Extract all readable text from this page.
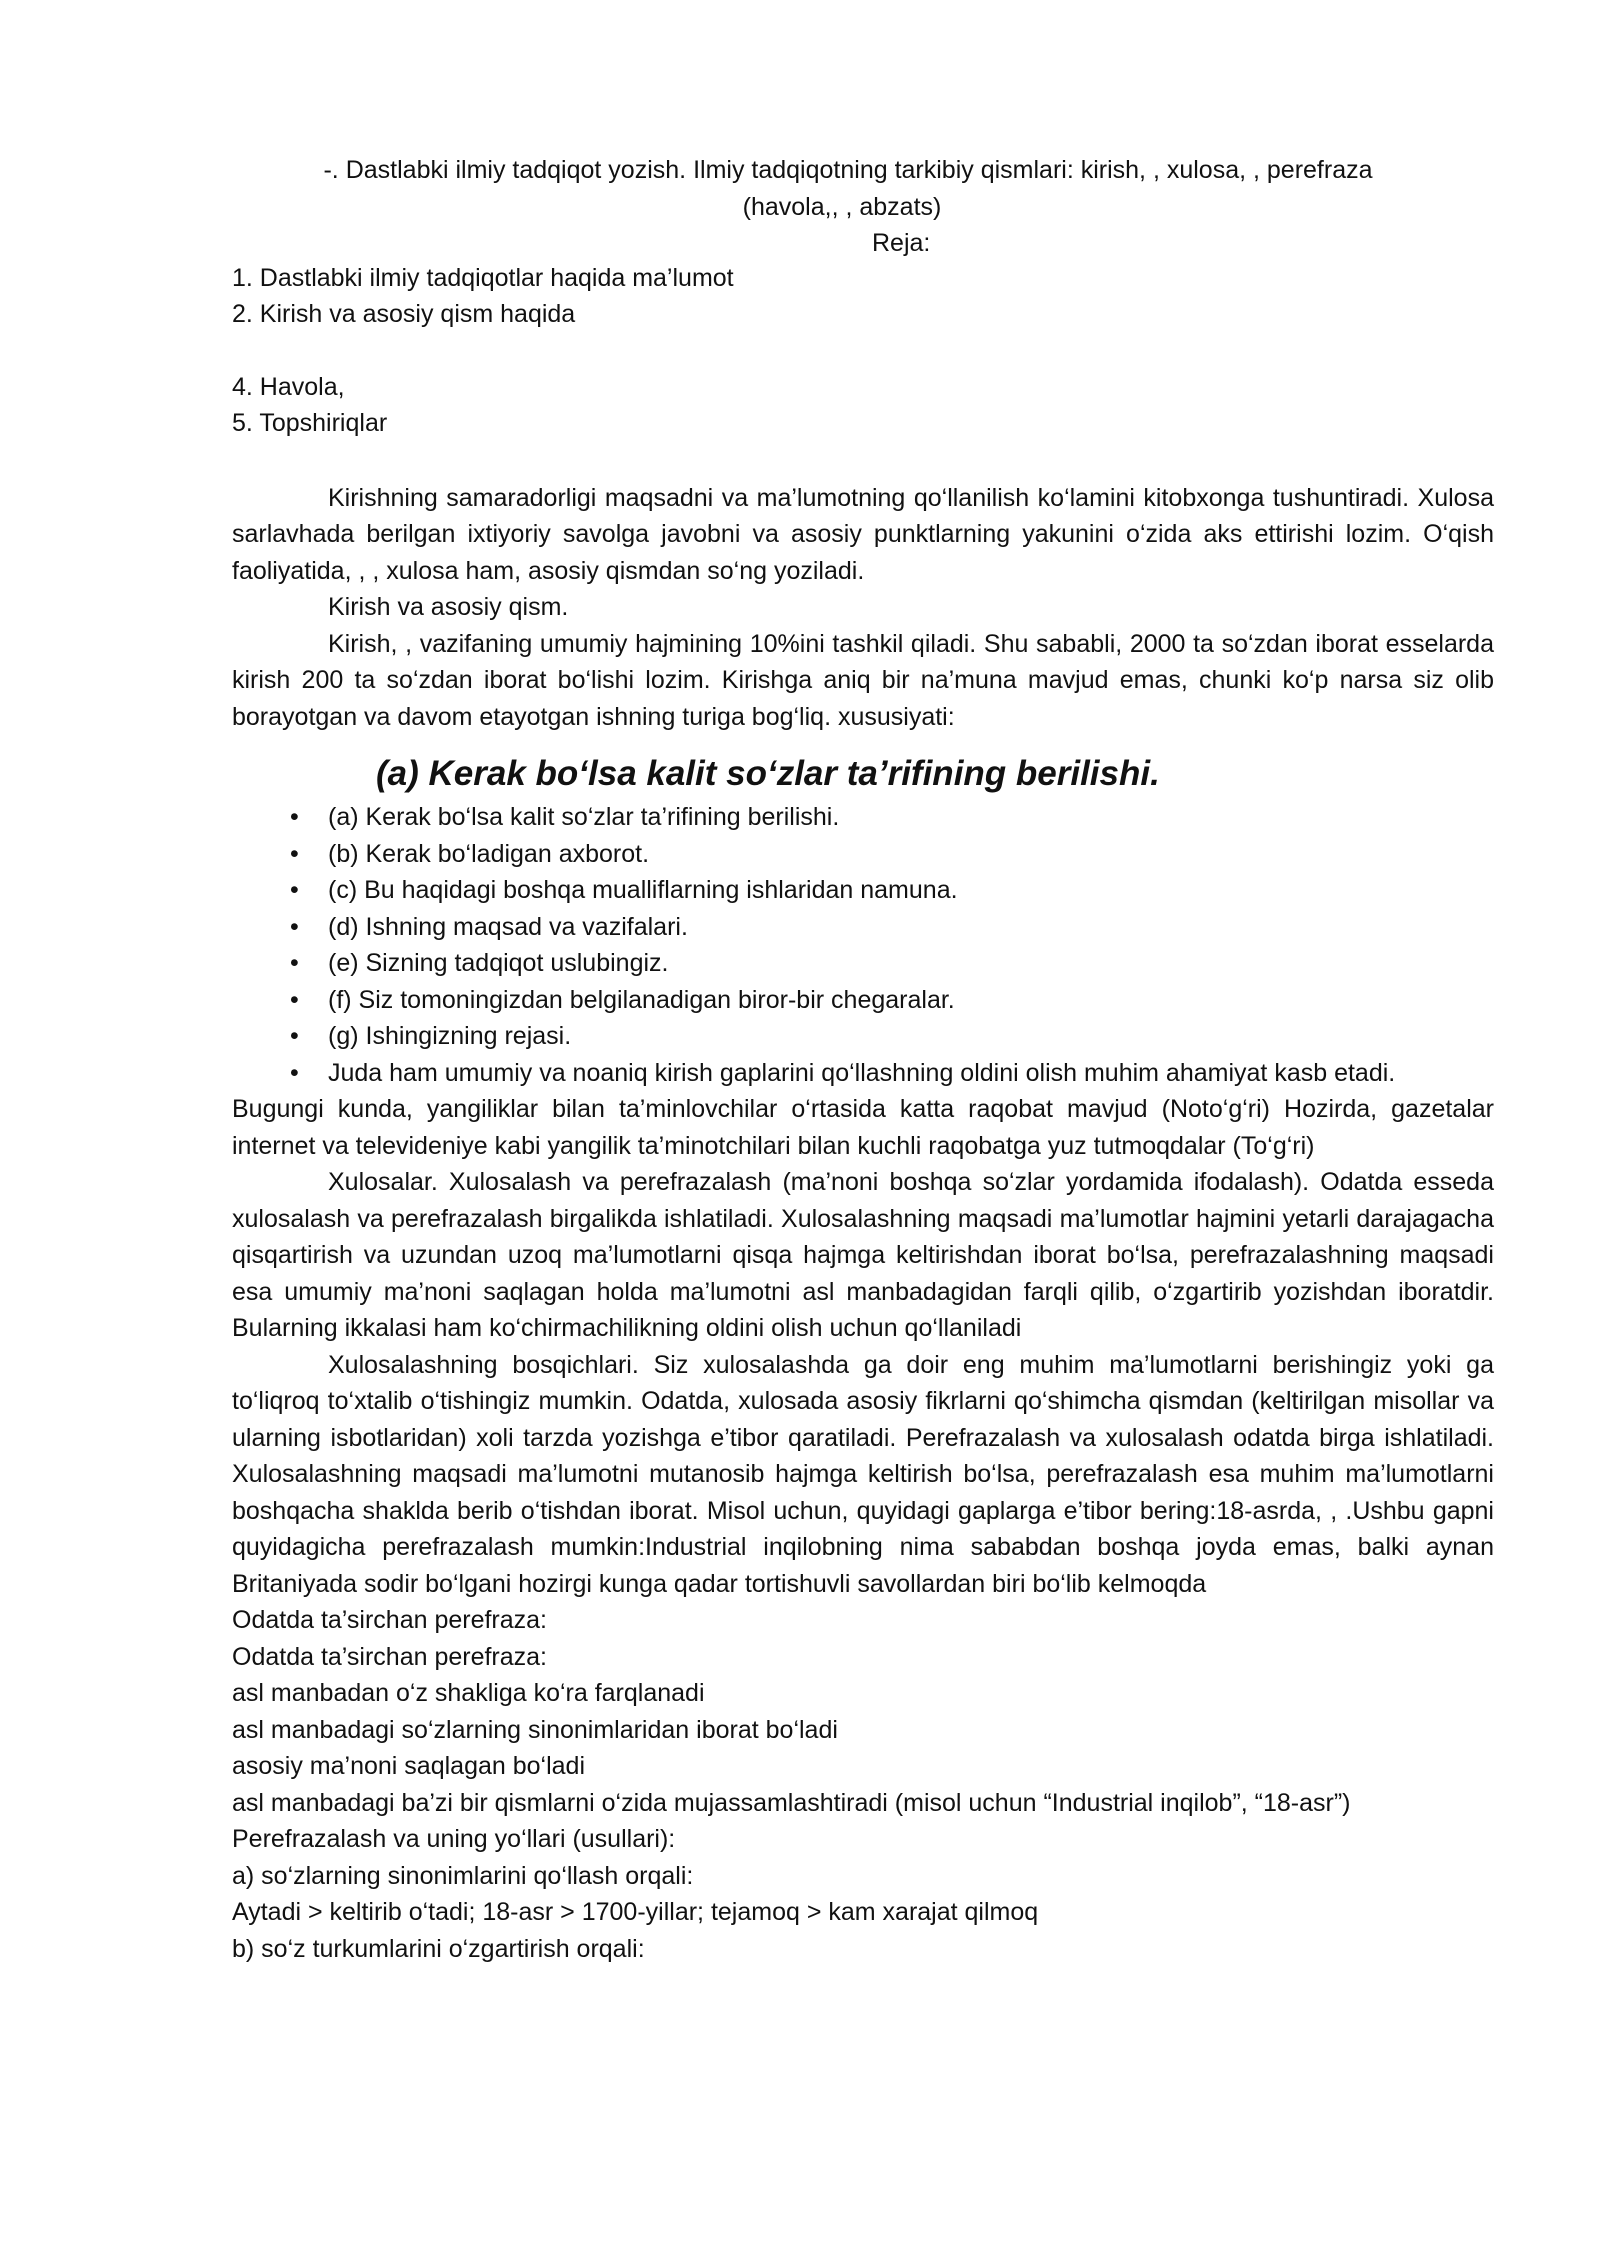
-. Dastlabki ilmiy tadqiqot yozish. Ilmiy tadqiqotning tarkibiy qismlari: kirish, , xulosa, , perefraza
(havola,, , abzats)
Reja:
1. Dastlabki ilmiy tadqiqotlar haqida ma’lumot
2. Kirish va asosiy qism haqida
4. Havola,
5. Topshiriqlar

Kirishning samaradorligi maqsadni va ma’lumotning qo‘llanilish ko‘lamini kitobxonga tushuntiradi. Xulosa sarlavhada berilgan ixtiyoriy savolga javobni va asosiy punktlarning yakunini o‘zida aks ettirishi lozim. O‘qish faoliyatida, , , xulosa ham, asosiy qismdan so‘ng yoziladi.

Kirish va asosiy qism.

Kirish, , vazifaning umumiy hajmining 10%ini tashkil qiladi. Shu sababli, 2000 ta so‘zdan iborat esselarda kirish 200 ta so‘zdan iborat bo‘lishi lozim. Kirishga aniq bir na’muna mavjud emas, chunki ko‘p narsa siz olib borayotgan va davom etayotgan ishning turiga bog‘liq. xususiyati:

(a) Kerak bo‘lsa kalit so‘zlar ta’rifining berilishi.
• (a) Kerak bo‘lsa kalit so‘zlar ta’rifining berilishi.
• (b) Kerak bo‘ladigan axborot.
• (c) Bu haqidagi boshqa mualliflarning ishlaridan namuna.
• (d) Ishning maqsad va vazifalari.
• (e) Sizning tadqiqot uslubingiz.
• (f) Siz tomoningizdan belgilanadigan biror-bir chegaralar.
• (g) Ishingizning rejasi.
• Juda ham umumiy va noaniq kirish gaplarini qo‘llashning oldini olish muhim ahamiyat kasb etadi.

Bugungi kunda, yangiliklar bilan ta’minlovchilar o‘rtasida katta raqobat mavjud (Noto‘g‘ri) Hozirda, gazetalar internet va televideniye kabi yangilik ta’minotchilari bilan kuchli raqobatga yuz tutmoqdalar (To‘g‘ri)

Xulosalar. Xulosalash va perefrazalash (ma’noni boshqa so‘zlar yordamida ifodalash). Odatda esseda xulosalash va perefrazalash birgalikda ishlatiladi. Xulosalashning maqsadi ma’lumotlar hajmini yetarli darajagacha qisqartirish va uzundan uzoq ma’lumotlarni qisqa hajmga keltirishdan iborat bo‘lsa, perefrazalashning maqsadi esa umumiy ma’noni saqlagan holda ma’lumotni asl manbadagidan farqli qilib, o‘zgartirib yozishdan iboratdir. Bularning ikkalasi ham ko‘chirmachilikning oldini olish uchun qo‘llaniladi

Xulosalashning bosqichlari. Siz xulosalashda ga doir eng muhim ma’lumotlarni berishingiz yoki ga to‘liqroq to‘xtalib o‘tishingiz mumkin. Odatda, xulosada asosiy fikrlarni qo‘shimcha qismdan (keltirilgan misollar va ularning isbotlaridan) xoli tarzda yozishga e’tibor qaratiladi. Perefrazalash va xulosalash odatda birga ishlatiladi. Xulosalashning maqsadi ma’lumotni mutanosib hajmga keltirish bo‘lsa, perefrazalash esa muhim ma’lumotlarni boshqacha shaklda berib o‘tishdan iborat. Misol uchun, quyidagi gaplarga e’tibor bering:18-asrda, , .Ushbu gapni quyidagicha perefrazalash mumkin:Industrial inqilobning nima sababdan boshqa joyda emas, balki aynan Britaniyada sodir bo‘lgani hozirgi kunga qadar tortishuvli savollardan biri bo‘lib kelmoqda

Odatda ta’sirchan perefraza:
Odatda ta’sirchan perefraza:
asl manbadan o‘z shakliga ko‘ra farqlanadi
asl manbadagi so‘zlarning sinonimlaridan iborat bo‘ladi
asosiy ma’noni saqlagan bo‘ladi
asl manbadagi ba’zi bir qismlarni o‘zida mujassamlashtiradi (misol uchun “Industrial inqilob”, “18-asr”)
Perefrazalash va uning yo‘llari (usullari):
a) so‘zlarning sinonimlarini qo‘llash orqali:
Aytadi > keltirib o‘tadi; 18-asr > 1700-yillar; tejamoq > kam xarajat qilmoq
b) so‘z turkumlarini o‘zgartirish orqali:
